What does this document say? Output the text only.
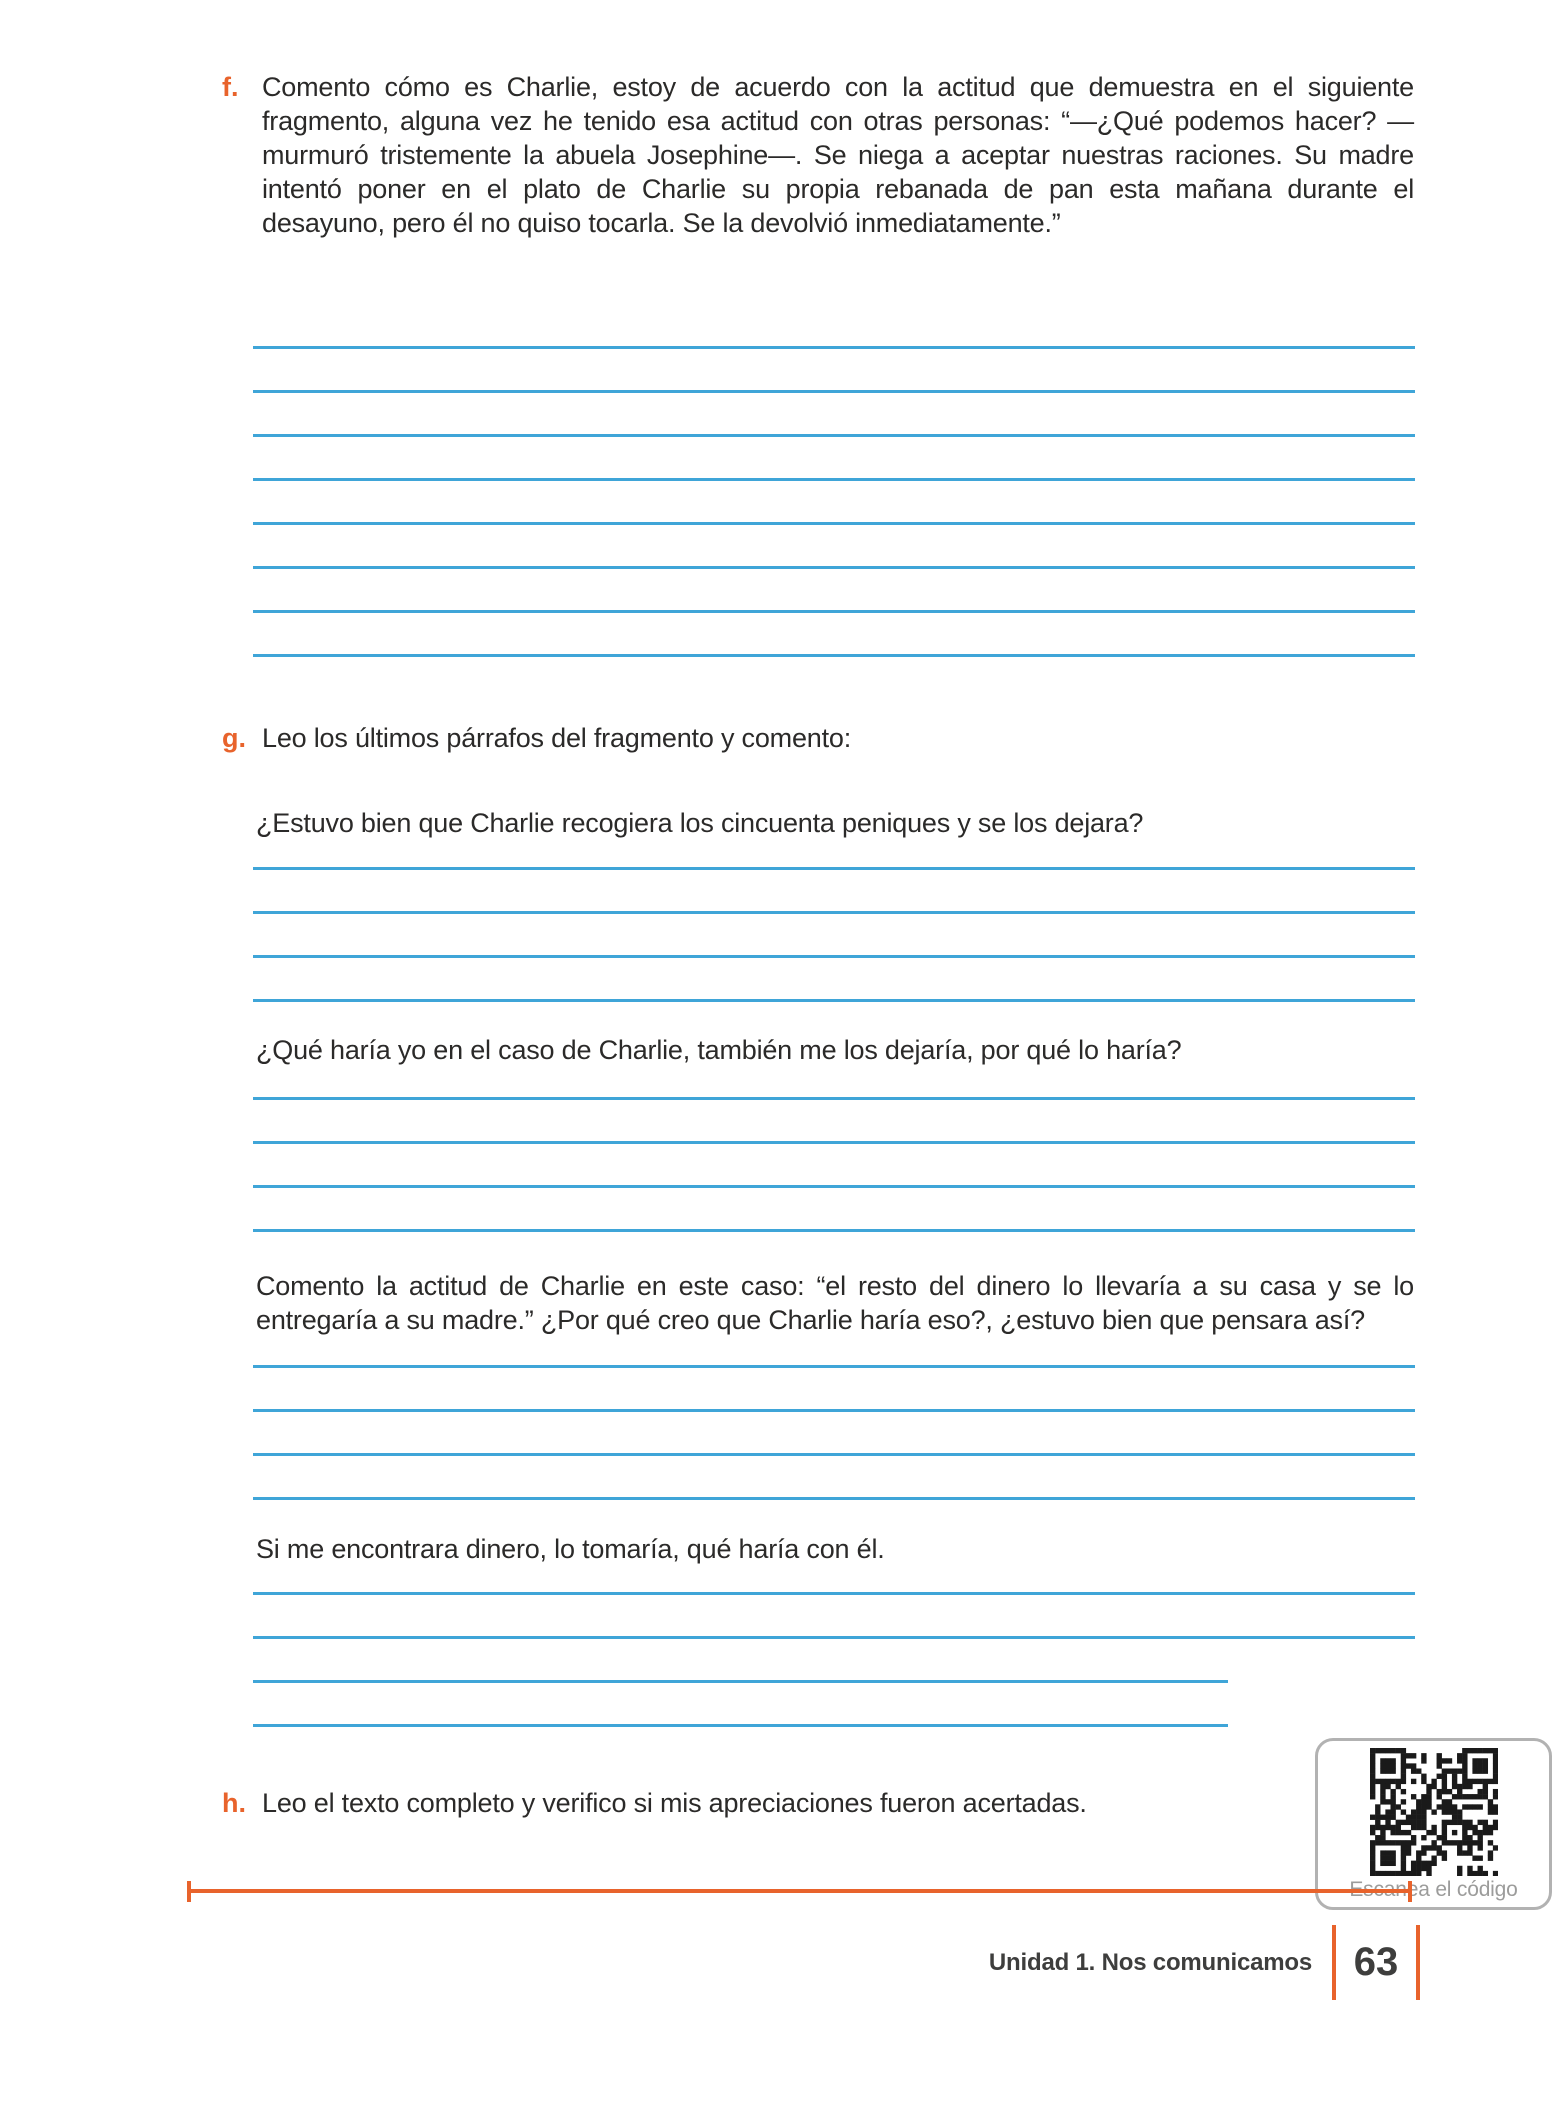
f. Comento cómo es Charlie, estoy de acuerdo con la actitud que demuestra en el siguiente fragmento, alguna vez he tenido esa actitud con otras personas: “—¿Qué podemos hacer? —murmuró tristemente la abuela Josephine—. Se niega a aceptar nuestras raciones. Su madre intentó poner en el plato de Charlie su propia rebanada de pan esta mañana durante el desayuno, pero él no quiso tocarla. Se la devolvió inmediatamente.”
g. Leo los últimos párrafos del fragmento y comento:
¿Estuvo bien que Charlie recogiera los cincuenta peniques y se los dejara?
¿Qué haría yo en el caso de Charlie, también me los dejaría, por qué lo haría?
Comento la actitud de Charlie en este caso: “el resto del dinero lo llevaría a su casa y se lo entregaría a su madre.” ¿Por qué creo que Charlie haría eso?, ¿estuvo bien que pensara así?
Si me encontrara dinero, lo tomaría, qué haría con él.
h. Leo el texto completo y verifico si mis apreciaciones fueron acertadas.
Escanea el código
Unidad 1. Nos comunicamos 63
